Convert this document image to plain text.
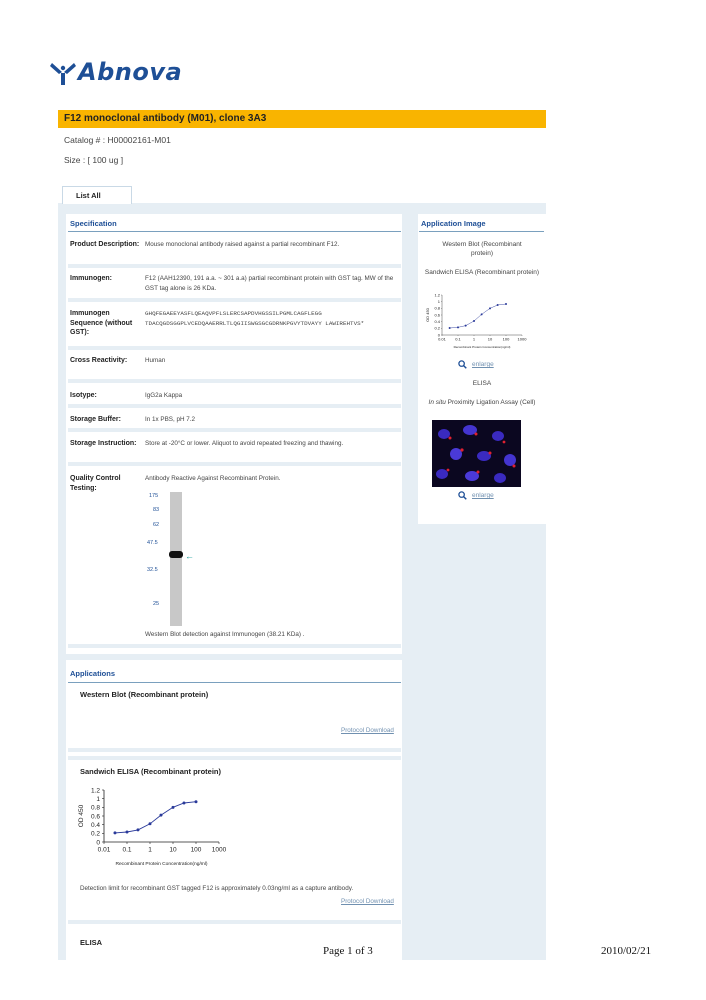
Abnova
F12 monoclonal antibody (M01), clone 3A3
Catalog # : H00002161-M01
Size : [ 100 ug ]
List All
Specification
Product Description: Mouse monoclonal antibody raised against a partial recombinant F12.
Immunogen:	F12 (AAH12390, 191 a.a. ~ 301 a.a) partial recombinant protein with GST tag. MW of the GST tag alone is 26 KDa.
Immunogen Sequence (without GST):
GHQFEGAEEYASFLQEAQVPFLSLERCSAPDVHGSSILPGMLCAGFLEGG TDACQGDSGGPLVCEDQAAERRLTLQGIISWGSGCGDRNKPGVYTDVAYY LAWIREHTVS*
Cross Reactivity:	Human
Isotype:	IgG2a Kappa
Storage Buffer:	In 1x PBS, pH 7.2
Storage Instruction:	Store at -20°C or lower. Aliquot to avoid repeated freezing and thawing.
Quality Control Testing:
Antibody Reactive Against Recombinant Protein.
←
175
83
62
47.5
32.5
25
Western Blot detection against Immunogen (38.21 KDa) .
Application Image
Western Blot (Recombinant protein)
Sandwich ELISA (Recombinant protein)
0
0.2
0.4
0.6
0.8
1
1.2
0.01 0.1 1 10 100 1000
OD 450
Recombinant Protein Concentration(ng/ml)
enlarge
ELISA
In situ Proximity Ligation Assay (Cell)
enlarge
Applications
Western Blot (Recombinant protein)
Protocol Download
Sandwich ELISA (Recombinant protein)
0
0.2
0.4
0.6
0.8
1
1.2
0.01 0.1	1	10 100 1000
OD 450
Recombinant Protein Concentration(ng/ml)
Detection limit for recombinant GST tagged F12 is approximately 0.03ng/ml as a capture antibody.
Protocol Download
ELISA
Page 1 of 3	2010/02/21
